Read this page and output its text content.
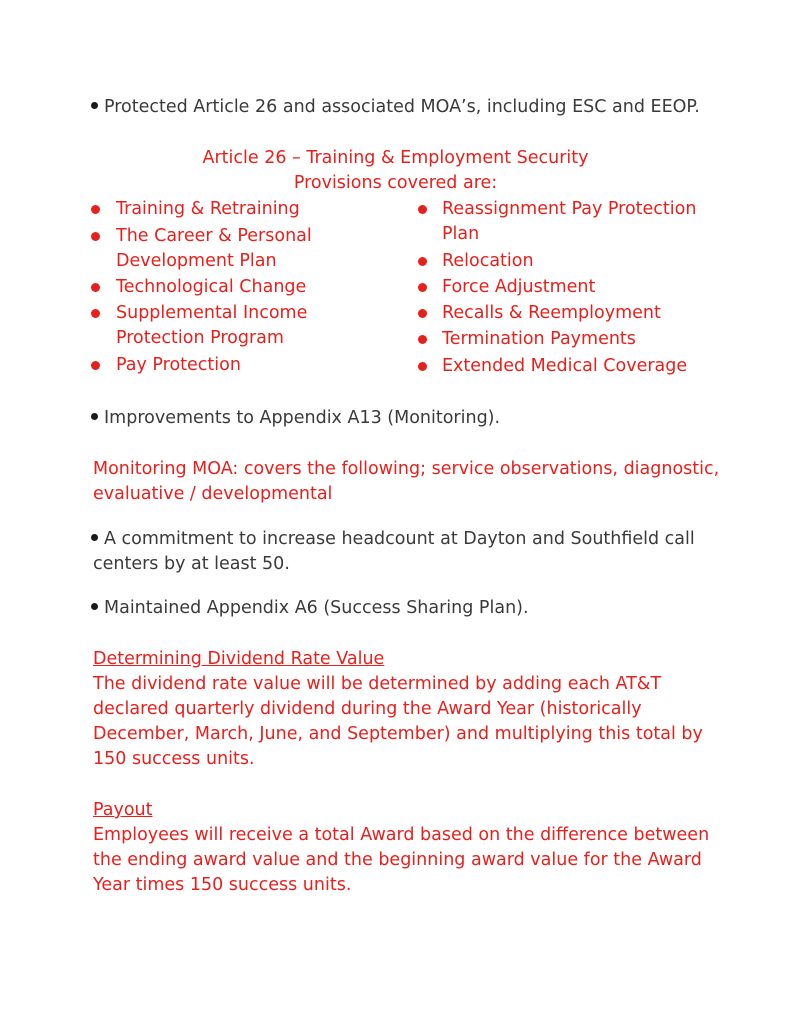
Protected Article 26 and associated MOA’s, including ESC and EEOP.
Article 26 – Training & Employment Security
Provisions covered are:
Training & Retraining
The Career & Personal
Development Plan
Technological Change
Supplemental Income
Protection Program
Pay Protection
Reassignment Pay Protection
Plan
Relocation
Force Adjustment
Recalls & Reemployment
Termination Payments
Extended Medical Coverage
Improvements to Appendix A13 (Monitoring).
Monitoring MOA: covers the following; service observations, diagnostic,
evaluative / developmental
A commitment to increase headcount at Dayton and Southfield call
centers by at least 50.
Maintained Appendix A6 (Success Sharing Plan).
Determining Dividend Rate Value
The dividend rate value will be determined by adding each AT&T
declared quarterly dividend during the Award Year (historically
December, March, June, and September) and multiplying this total by
150 success units.
Payout
Employees will receive a total Award based on the difference between
the ending award value and the beginning award value for the Award
Year times 150 success units.
